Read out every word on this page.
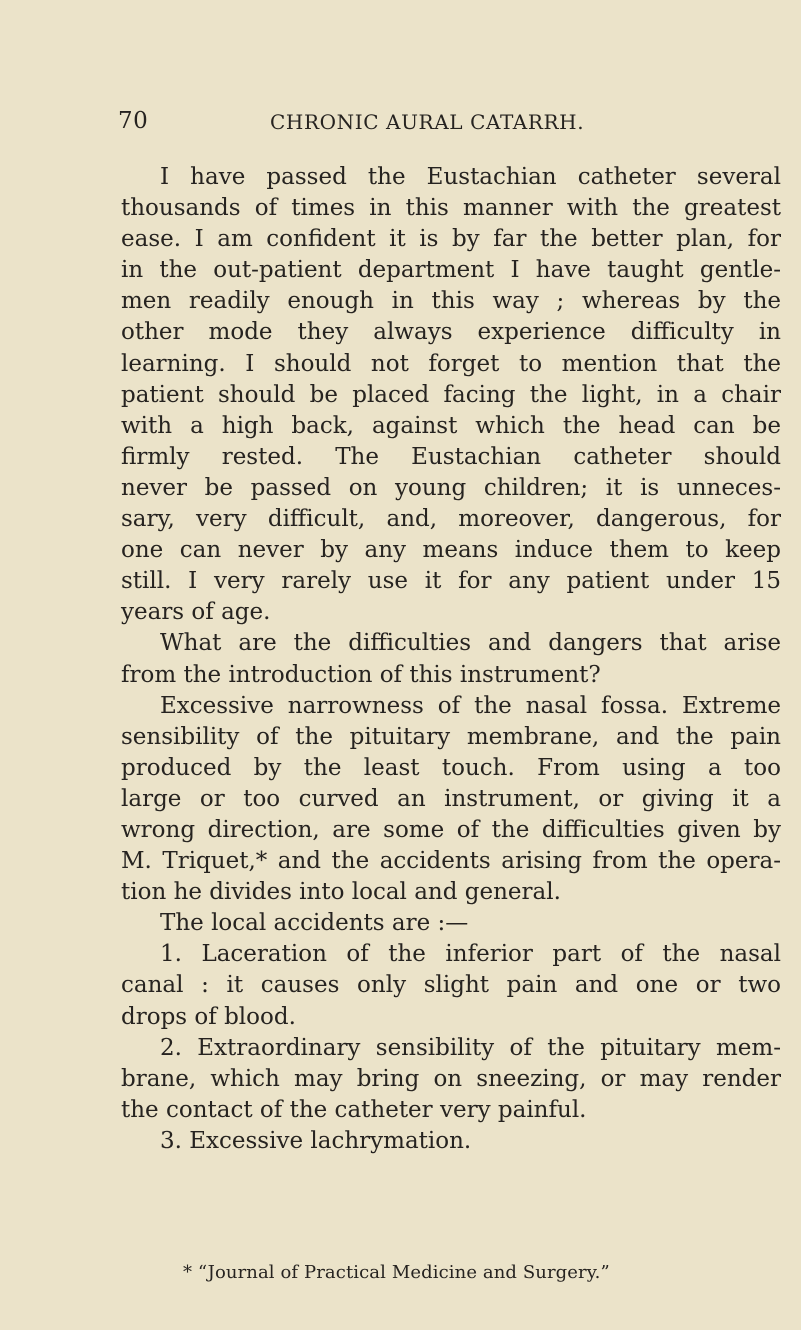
70	CHRONIC AURAL CATARRH.
I have passed the Eustachian catheter several
thousands of times in this manner with the greatest
ease. I am confident it is by far the better plan, for
in the out-patient department I have taught gentle-
men readily enough in this way ; whereas by the
other mode they always experience difficulty in
learning. I should not forget to mention that the
patient should be placed facing the light, in a chair
with a high back, against which the head can be
firmly rested. The Eustachian catheter should
never be passed on young children; it is unneces-
sary, very difficult, and, moreover, dangerous, for
one can never by any means induce them to keep
still. I very rarely use it for any patient under 15
years of age.
What are the difficulties and dangers that arise
from the introduction of this instrument?
Excessive narrowness of the nasal fossa. Extreme
sensibility of the pituitary membrane, and the pain
produced by the least touch. From using a too
large or too curved an instrument, or giving it a
wrong direction, are some of the difficulties given by
M. Triquet,* and the accidents arising from the opera-
tion he divides into local and general.
The local accidents are :—
1. Laceration of the inferior part of the nasal
canal : it causes only slight pain and one or two
drops of blood.
2. Extraordinary sensibility of the pituitary mem-
brane, which may bring on sneezing, or may render
the contact of the catheter very painful.
3. Excessive lachrymation.
* “Journal of Practical Medicine and Surgery.”
